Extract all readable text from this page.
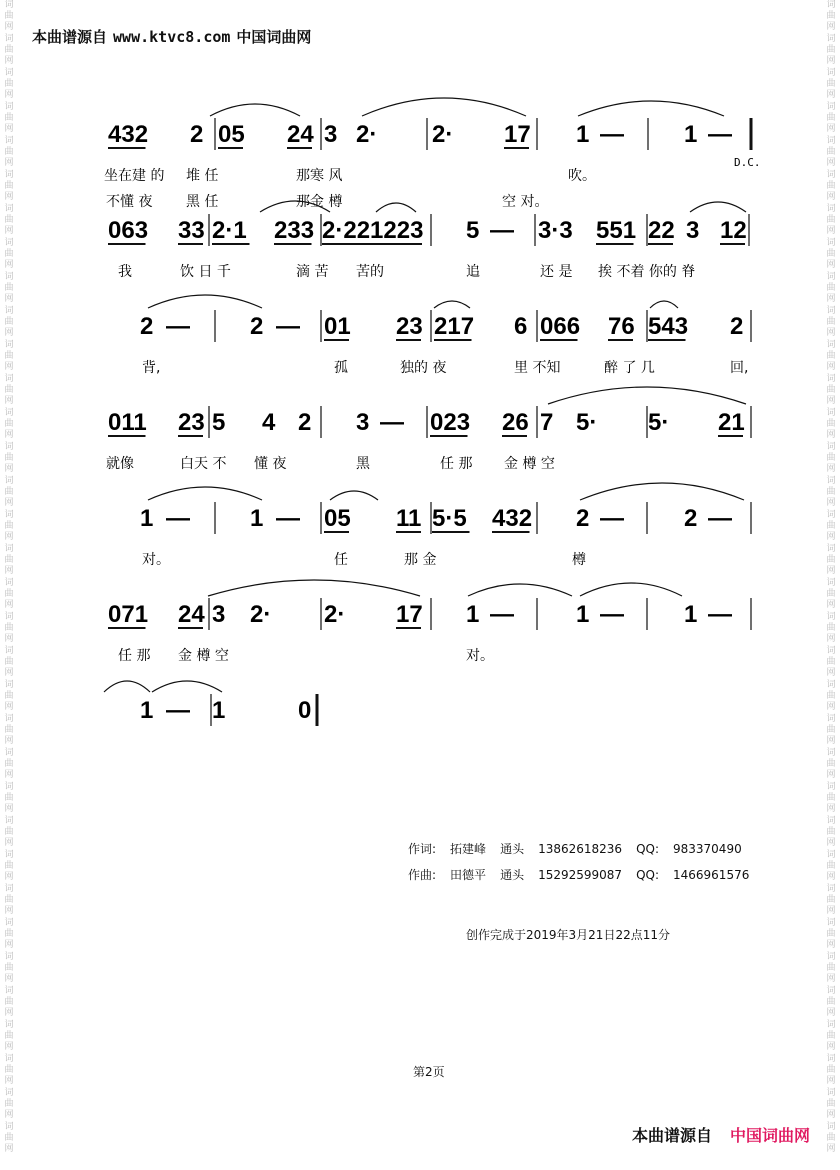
词曲网
词曲网
词曲网
词曲网
词曲网
词曲网
词曲网
词曲网
词曲网
词曲网
词曲网
词曲网
词曲网
词曲网
词曲网
词曲网
词曲网
词曲网
词曲网
词曲网
词曲网
词曲网
词曲网
词曲网
词曲网
词曲网
词曲网
词曲网
词曲网
词曲网
词曲网
词曲网
词曲网
词曲网
词曲网
词曲网
词曲网
词曲网
词曲网
词曲网
词曲网
词曲网
词曲网
词曲网
词曲网
词曲网
词曲网
词曲网
词曲网
词曲网
词曲网
词曲网
词曲网
词曲网
词曲网
词曲网
词曲网
词曲网
词曲网
词曲网
词曲网
词曲网
词曲网
词曲网
词曲网
词曲网
词曲网
词曲网
本曲谱源自 www.ktvc8.com 中国词曲网
432 2 05 24 3 2· 2· 17 1 —	1 —
坐在建 的 堆 任	那寒 风	吹。
不懂 夜 黑 任	那金 樽	空 对。
D.C.
063 33 2·1 233 2·221223 5 — 3·3 551 22 3 12
我	饮 日 千	滴 苦 苦的	追	还 是 挨 不着 你的 脊
2 —	2 — 01 23 217 6 066 76 543 2
背,	孤	独的 夜	里 不知	醉 了 几	回,
011 23 5 4 2 3 — 023 26 7 5· 5· 21
就像	白天 不 懂 夜	黑	任 那 金 樽 空
1 —	1 — 05 11 5·5 432 2 —	2 —
对。	任	那 金	樽
071 24 3 2· 2· 17 1 —	1 —	1 —
任 那 金 樽 空	对。
1 — 1	0
作词: 拓建峰 通头 13862618236 QQ: 983370490
作曲: 田德平 通头 15292599087 QQ: 1466961576
创作完成于2019年3月21日22点11分
第2页
本曲谱源自 中国词曲网
